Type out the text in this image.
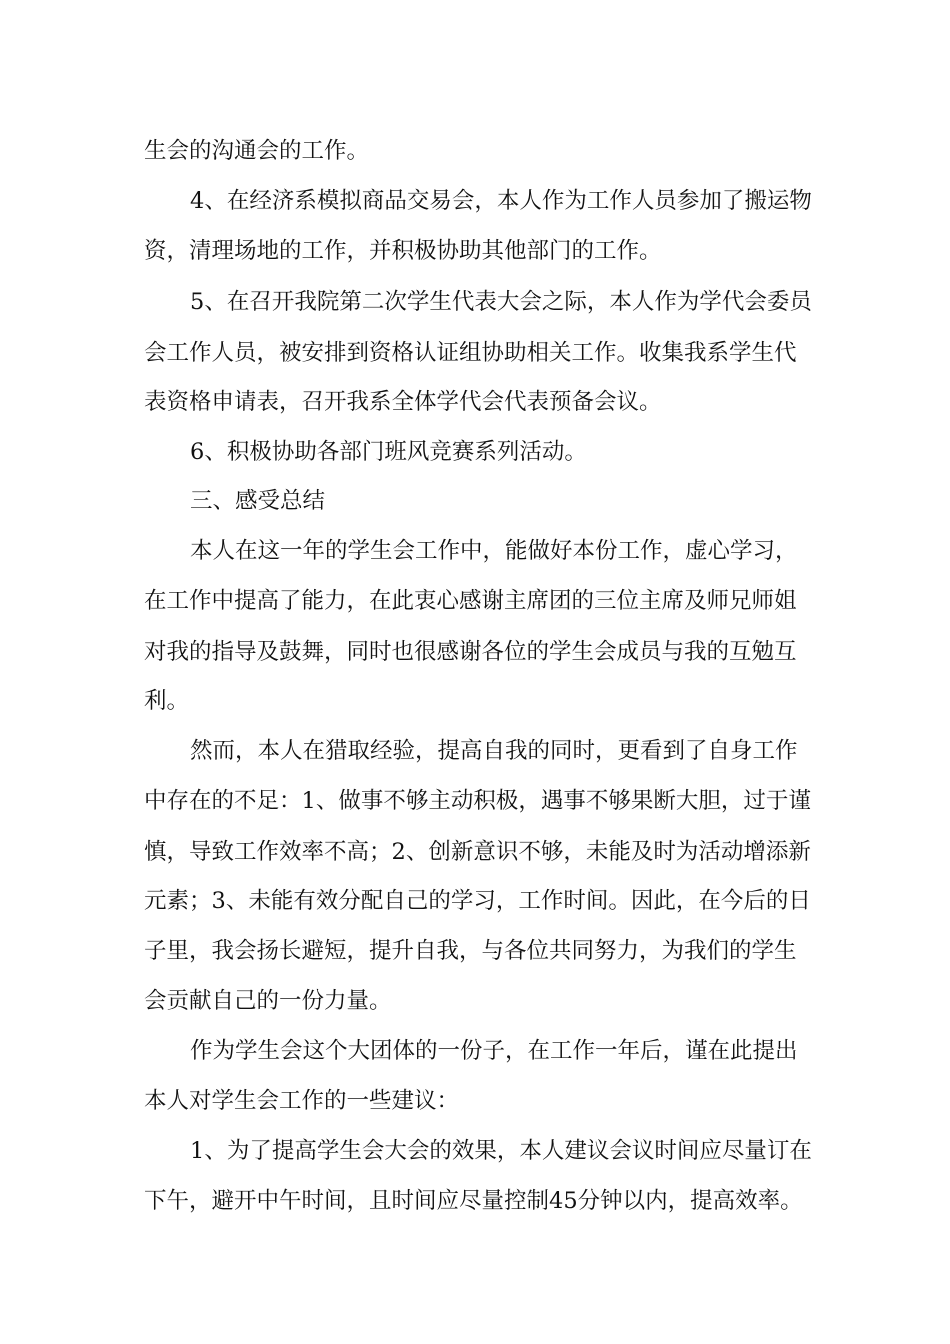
生会的沟通会的工作。

4、在经济系模拟商品交易会，本人作为工作人员参加了搬运物

资，清理场地的工作，并积极协助其他部门的工作。

5、在召开我院第二次学生代表大会之际，本人作为学代会委员

会工作人员，被安排到资格认证组协助相关工作。收集我系学生代

表资格申请表，召开我系全体学代会代表预备会议。

6、积极协助各部门班风竞赛系列活动。

三、感受总结

本人在这一年的学生会工作中，能做好本份工作，虚心学习，

在工作中提高了能力，在此衷心感谢主席团的三位主席及师兄师姐

对我的指导及鼓舞，同时也很感谢各位的学生会成员与我的互勉互

利。

然而，本人在猎取经验，提高自我的同时，更看到了自身工作

中存在的不足：1、做事不够主动积极，遇事不够果断大胆，过于谨

慎，导致工作效率不高；2、创新意识不够，未能及时为活动增添新

元素；3、未能有效分配自己的学习，工作时间。因此，在今后的日

子里，我会扬长避短，提升自我，与各位共同努力，为我们的学生

会贡献自己的一份力量。

作为学生会这个大团体的一份子，在工作一年后，谨在此提出

本人对学生会工作的一些建议：

1、为了提高学生会大会的效果，本人建议会议时间应尽量订在

下午，避开中午时间，且时间应尽量控制45分钟以内，提高效率。
